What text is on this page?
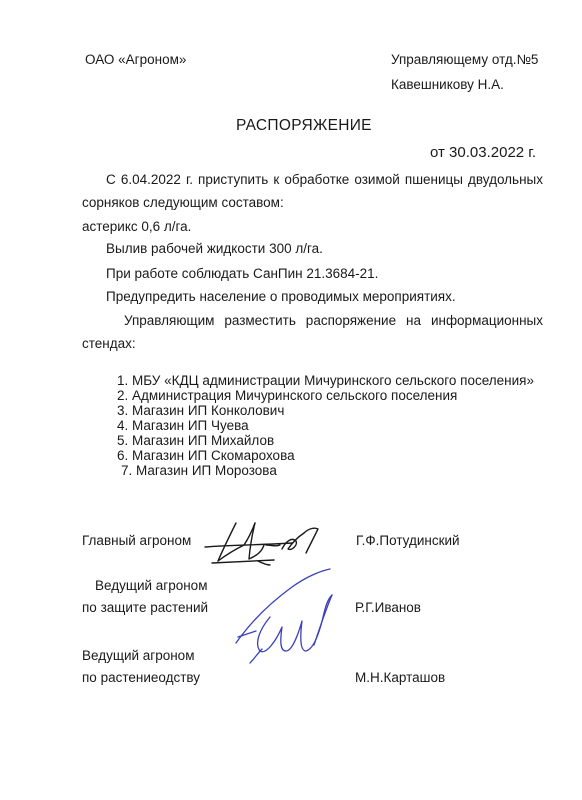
ОАО «Агроном»	Управляющему отд.№5
Кавешникову Н.А.
РАСПОРЯЖЕНИЕ
от 30.03.2022 г.
С 6.04.2022 г. приступить к обработке озимой пшеницы двудольных
сорняков следующим составом:
астерикс 0,6 л/га.
Вылив рабочей жидкости 300 л/га.
При работе соблюдать СанПин 21.3684-21.
Предупредить население о проводимых мероприятиях.
Управляющим разместить распоряжение на информационных
стендах:
1. МБУ «КДЦ администрации Мичуринского сельского поселения»
2. Администрация Мичуринского сельского поселения
3. Магазин ИП Конколович
4. Магазин ИП Чуева
5. Магазин ИП Михайлов
6. Магазин ИП Скомарохова
7. Магазин ИП Морозова
Главный агроном	Г.Ф.Потудинский
Ведущий агроном
по защите растений	Р.Г.Иванов
Ведущий агроном
по растениеодству	М.Н.Карташов
